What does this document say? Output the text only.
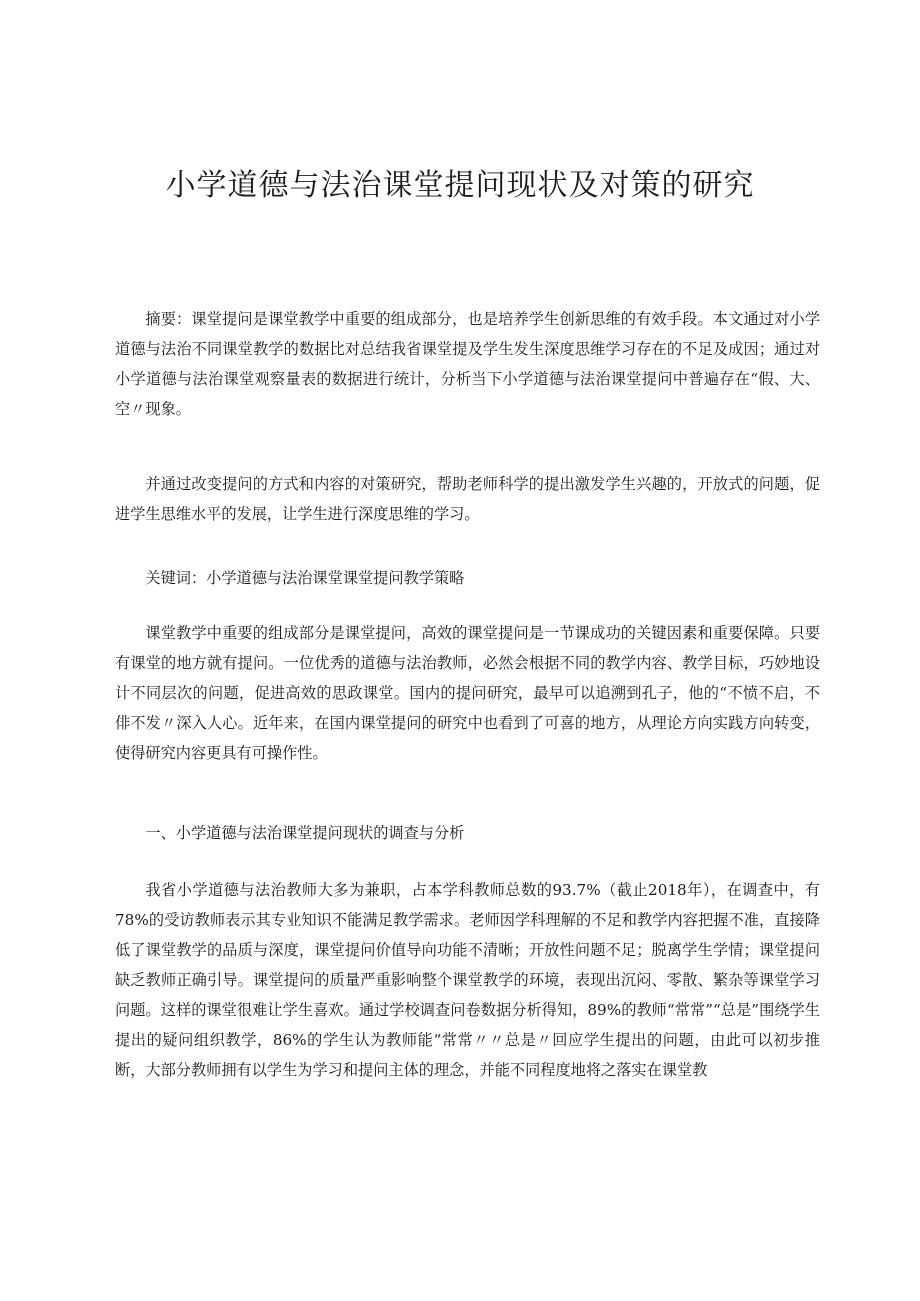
小学道德与法治课堂提问现状及对策的研究

摘要：课堂提问是课堂教学中重要的组成部分，也是培养学生创新思维的有效手段。本文通过对小学道德与法治不同课堂教学的数据比对总结我省课堂提及学生发生深度思维学习存在的不足及成因；通过对小学道德与法治课堂观察量表的数据进行统计，分析当下小学道德与法治课堂提问中普遍存在“假、大、空〃现象。

并通过改变提问的方式和内容的对策研究，帮助老师科学的提出激发学生兴趣的，开放式的问题，促进学生思维水平的发展，让学生进行深度思维的学习。

关键词：小学道德与法治课堂课堂提问教学策略

课堂教学中重要的组成部分是课堂提问，高效的课堂提问是一节课成功的关键因素和重要保障。只要有课堂的地方就有提问。一位优秀的道德与法治教师，必然会根据不同的教学内容、教学目标，巧妙地设计不同层次的问题，促进高效的思政课堂。国内的提问研究，最早可以追溯到孔子，他的“不愤不启，不俳不发〃深入人心。近年来，在国内课堂提问的研究中也看到了可喜的地方，从理论方向实践方向转变，使得研究内容更具有可操作性。

一、小学道德与法治课堂提问现状的调查与分析

我省小学道德与法治教师大多为兼职，占本学科教师总数的93.7%（截止2018年），在调查中，有78%的受访教师表示其专业知识不能满足教学需求。老师因学科理解的不足和教学内容把握不准，直接降低了课堂教学的品质与深度，课堂提问价值导向功能不清晰；开放性问题不足；脱离学生学情；课堂提问缺乏教师正确引导。课堂提问的质量严重影响整个课堂教学的环境，表现出沉闷、零散、繁杂等课堂学习问题。这样的课堂很难让学生喜欢。通过学校调查问卷数据分析得知，89%的教师“常常”“总是”围绕学生提出的疑问组织教学，86%的学生认为教师能“常常〃〃总是〃回应学生提出的问题，由此可以初步推断，大部分教师拥有以学生为学习和提问主体的理念，并能不同程度地将之落实在课堂教
